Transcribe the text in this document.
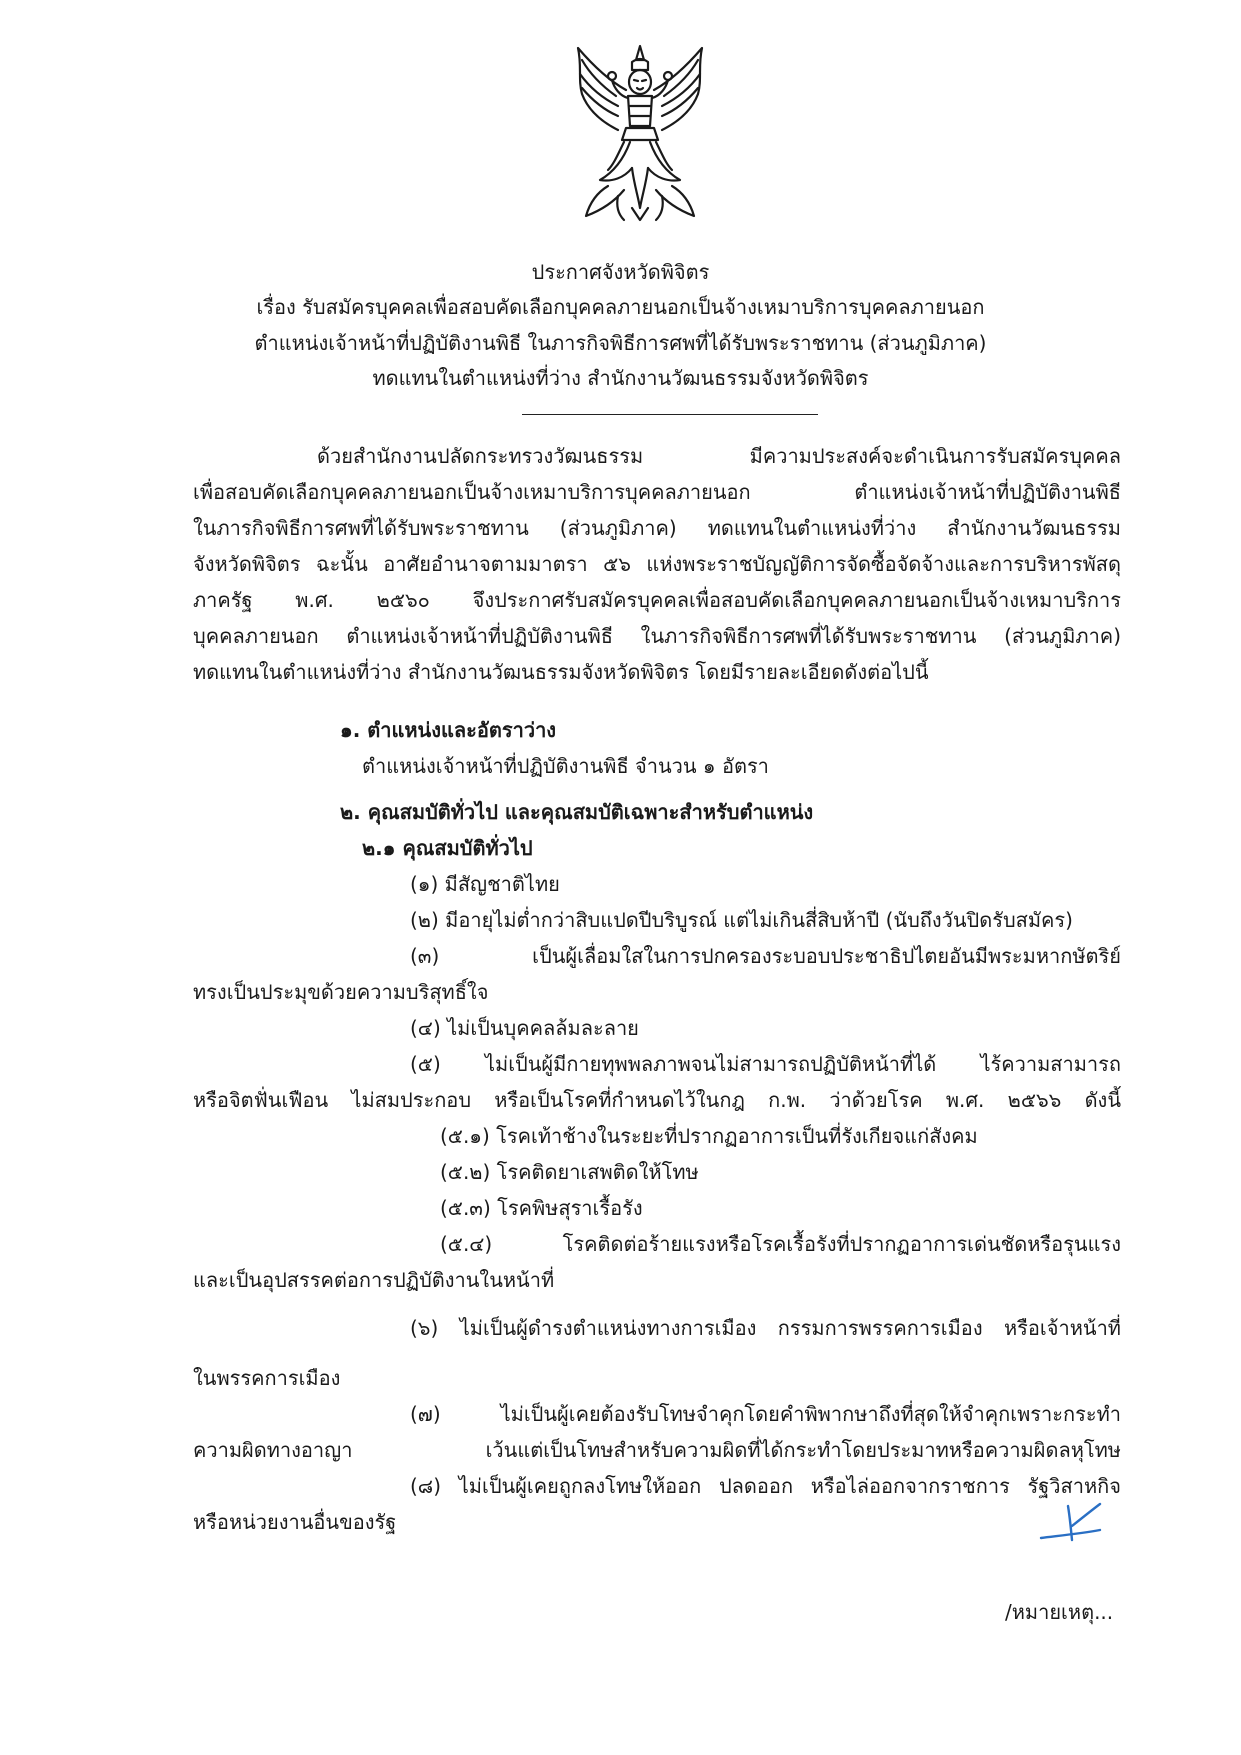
ประกาศจังหวัดพิจิตร
เรื่อง รับสมัครบุคคลเพื่อสอบคัดเลือกบุคคลภายนอกเป็นจ้างเหมาบริการบุคคลภายนอก
ตำแหน่งเจ้าหน้าที่ปฏิบัติงานพิธี ในภารกิจพิธีการศพที่ได้รับพระราชทาน (ส่วนภูมิภาค)
ทดแทนในตำแหน่งที่ว่าง สำนักงานวัฒนธรรมจังหวัดพิจิตร
ด้วยสำนักงานปลัดกระทรวงวัฒนธรรม มีความประสงค์จะดำเนินการรับสมัครบุคคล
เพื่อสอบคัดเลือกบุคคลภายนอกเป็นจ้างเหมาบริการบุคคลภายนอก ตำแหน่งเจ้าหน้าที่ปฏิบัติงานพิธี
ในภารกิจพิธีการศพที่ได้รับพระราชทาน (ส่วนภูมิภาค) ทดแทนในตำแหน่งที่ว่าง สำนักงานวัฒนธรรม
จังหวัดพิจิตร ฉะนั้น อาศัยอำนาจตามมาตรา ๕๖ แห่งพระราชบัญญัติการจัดซื้อจัดจ้างและการบริหารพัสดุ
ภาครัฐ พ.ศ. ๒๕๖๐ จึงประกาศรับสมัครบุคคลเพื่อสอบคัดเลือกบุคคลภายนอกเป็นจ้างเหมาบริการ
บุคคลภายนอก ตำแหน่งเจ้าหน้าที่ปฏิบัติงานพิธี ในภารกิจพิธีการศพที่ได้รับพระราชทาน (ส่วนภูมิภาค)
ทดแทนในตำแหน่งที่ว่าง สำนักงานวัฒนธรรมจังหวัดพิจิตร โดยมีรายละเอียดดังต่อไปนี้
๑. ตำแหน่งและอัตราว่าง
ตำแหน่งเจ้าหน้าที่ปฏิบัติงานพิธี จำนวน ๑ อัตรา
๒. คุณสมบัติทั่วไป และคุณสมบัติเฉพาะสำหรับตำแหน่ง
๒.๑ คุณสมบัติทั่วไป
(๑) มีสัญชาติไทย
(๒) มีอายุไม่ต่ำกว่าสิบแปดปีบริบูรณ์ แต่ไม่เกินสี่สิบห้าปี (นับถึงวันปิดรับสมัคร)
(๓) เป็นผู้เลื่อมใสในการปกครองระบอบประชาธิปไตยอันมีพระมหากษัตริย์
ทรงเป็นประมุขด้วยความบริสุทธิ์ใจ
(๔) ไม่เป็นบุคคลล้มละลาย
(๕) ไม่เป็นผู้มีกายทุพพลภาพจนไม่สามารถปฏิบัติหน้าที่ได้ ไร้ความสามารถ
หรือจิตฟั่นเฟือน ไม่สมประกอบ หรือเป็นโรคที่กำหนดไว้ในกฎ ก.พ. ว่าด้วยโรค พ.ศ. ๒๕๖๖ ดังนี้
(๕.๑) โรคเท้าช้างในระยะที่ปรากฏอาการเป็นที่รังเกียจแก่สังคม
(๕.๒) โรคติดยาเสพติดให้โทษ
(๕.๓) โรคพิษสุราเรื้อรัง
(๕.๔) โรคติดต่อร้ายแรงหรือโรคเรื้อรังที่ปรากฏอาการเด่นชัดหรือรุนแรง
และเป็นอุปสรรคต่อการปฏิบัติงานในหน้าที่
(๖) ไม่เป็นผู้ดำรงตำแหน่งทางการเมือง กรรมการพรรคการเมือง หรือเจ้าหน้าที่
ในพรรคการเมือง
(๗) ไม่เป็นผู้เคยต้องรับโทษจำคุกโดยคำพิพากษาถึงที่สุดให้จำคุกเพราะกระทำ
ความผิดทางอาญา เว้นแต่เป็นโทษสำหรับความผิดที่ได้กระทำโดยประมาทหรือความผิดลหุโทษ
(๘) ไม่เป็นผู้เคยถูกลงโทษให้ออก ปลดออก หรือไล่ออกจากราชการ รัฐวิสาหกิจ
หรือหน่วยงานอื่นของรัฐ
/หมายเหตุ...
